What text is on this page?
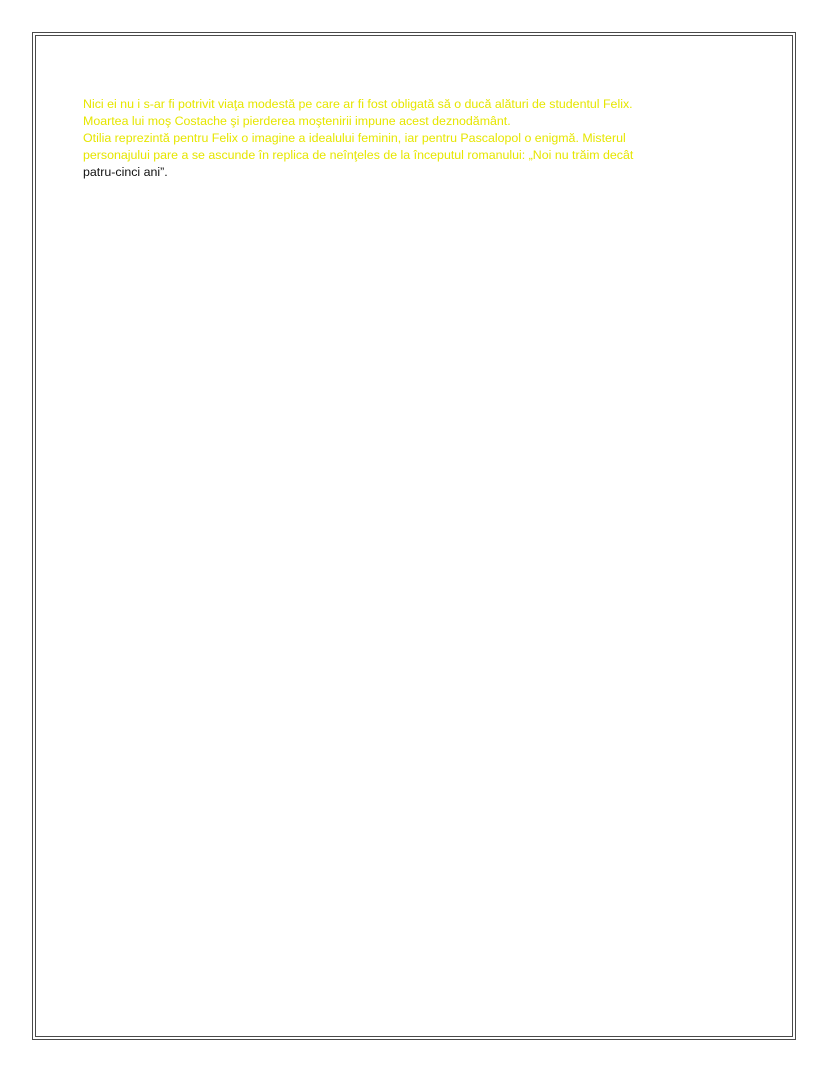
Nici ei nu i s-ar fi potrivit viaţa modestă pe care ar fi fost obligată să o ducă alături de studentul Felix.
Moartea lui moş Costache şi pierderea moştenirii impune acest deznodământ.
Otilia reprezintă pentru Felix o imagine a idealului feminin, iar pentru Pascalopol o enigmă. Misterul
personajului pare a se ascunde în replica de neînţeles de la începutul romanului: „Noi nu trăim decât
patru-cinci ani”.
